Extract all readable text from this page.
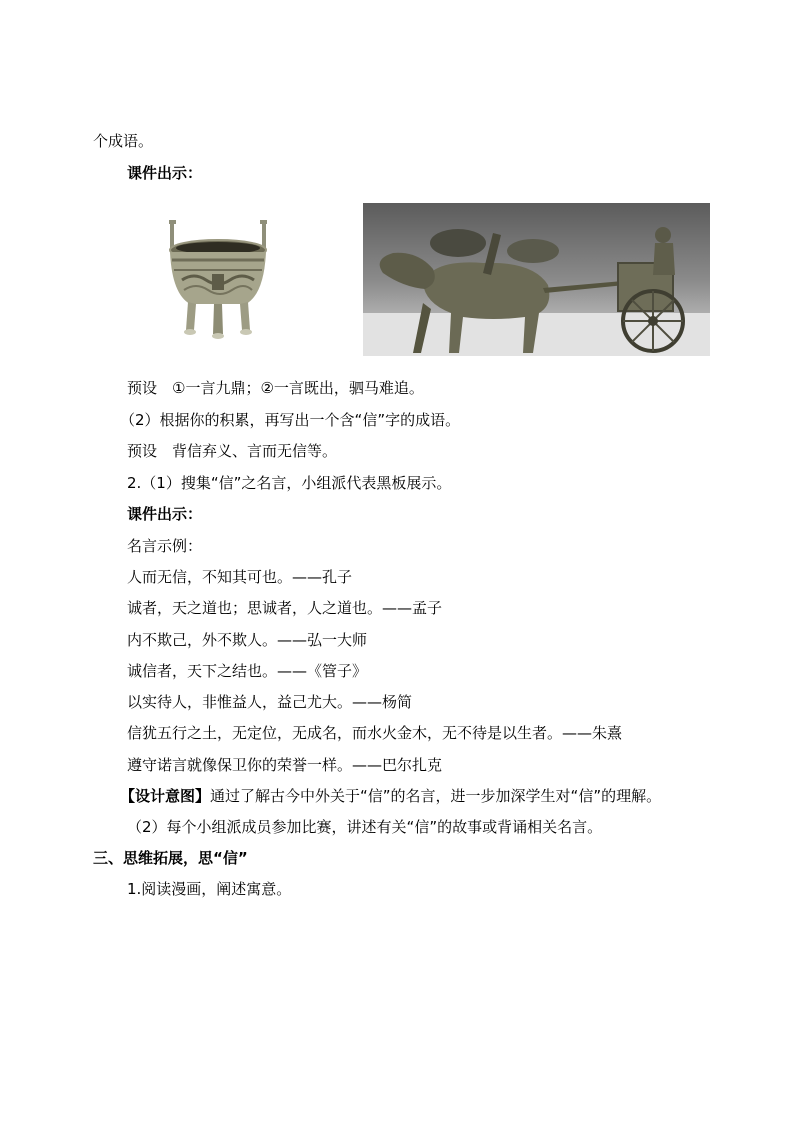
个成语。
课件出示：
预设　①一言九鼎；②一言既出，驷马难追。
（2）根据你的积累，再写出一个含“信”字的成语。
预设　背信弃义、言而无信等。
2.（1）搜集“信”之名言，小组派代表黑板展示。
课件出示：
名言示例：
人而无信，不知其可也。——孔子
诚者，天之道也；思诚者，人之道也。——孟子
内不欺己，外不欺人。——弘一大师
诚信者，天下之结也。——《管子》
以实待人，非惟益人，益己尤大。——杨简
信犹五行之土，无定位，无成名，而水火金木，无不待是以生者。——朱熹
遵守诺言就像保卫你的荣誉一样。——巴尔扎克
【设计意图】通过了解古今中外关于“信”的名言，进一步加深学生对“信”的理解。
（2）每个小组派成员参加比赛，讲述有关“信”的故事或背诵相关名言。
三、思维拓展，思“信”
1.阅读漫画，阐述寓意。
